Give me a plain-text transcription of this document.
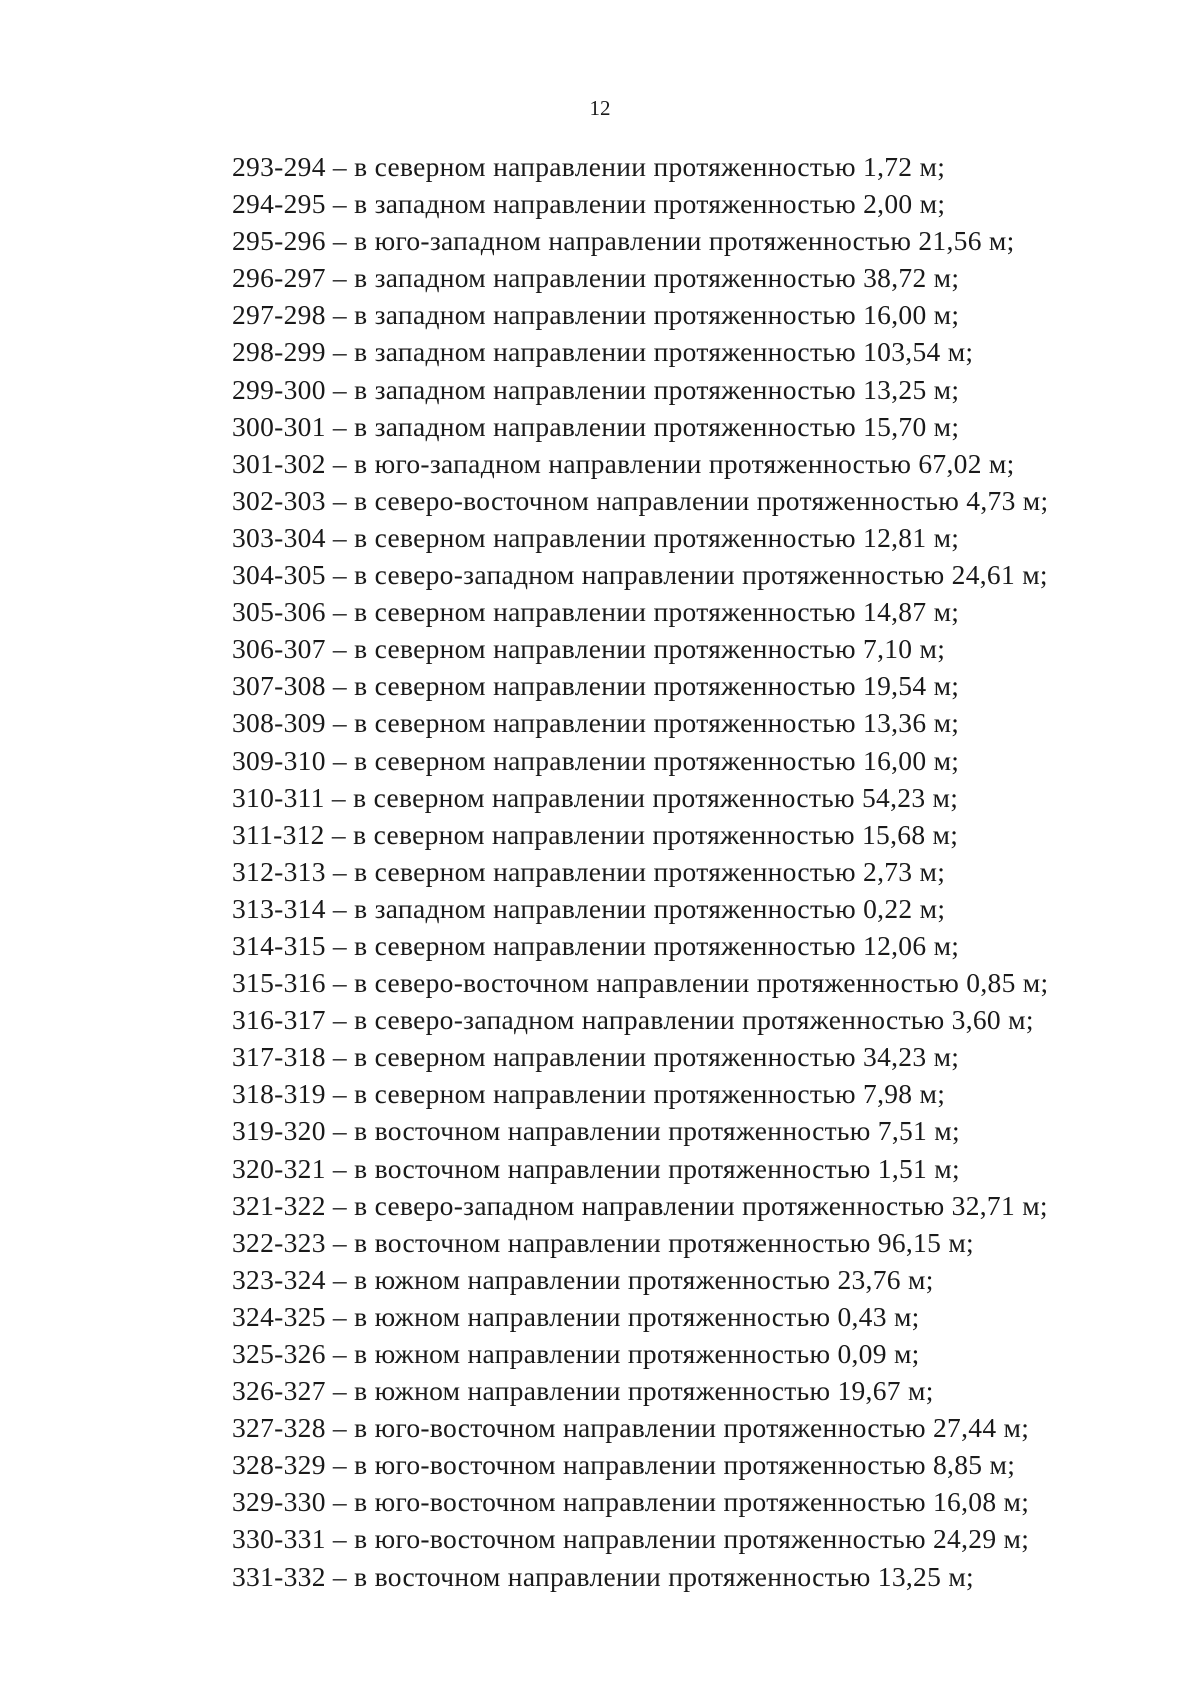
12
293-294 – в северном направлении протяженностью 1,72 м;
294-295 – в западном направлении протяженностью 2,00 м;
295-296 – в юго-западном направлении протяженностью 21,56 м;
296-297 – в западном направлении протяженностью 38,72 м;
297-298 – в западном направлении протяженностью 16,00 м;
298-299 – в западном направлении протяженностью 103,54 м;
299-300 – в западном направлении протяженностью 13,25 м;
300-301 – в западном направлении протяженностью 15,70 м;
301-302 – в юго-западном направлении протяженностью 67,02 м;
302-303 – в северо-восточном направлении протяженностью 4,73 м;
303-304 – в северном направлении протяженностью 12,81 м;
304-305 – в северо-западном направлении протяженностью 24,61 м;
305-306 – в северном направлении протяженностью 14,87 м;
306-307 – в северном направлении протяженностью 7,10 м;
307-308 – в северном направлении протяженностью 19,54 м;
308-309 – в северном направлении протяженностью 13,36 м;
309-310 – в северном направлении протяженностью 16,00 м;
310-311 – в северном направлении протяженностью 54,23 м;
311-312 – в северном направлении протяженностью 15,68 м;
312-313 – в северном направлении протяженностью 2,73 м;
313-314 – в западном направлении протяженностью 0,22 м;
314-315 – в северном направлении протяженностью 12,06 м;
315-316 – в северо-восточном направлении протяженностью 0,85 м;
316-317 – в северо-западном направлении протяженностью 3,60 м;
317-318 – в северном направлении протяженностью 34,23 м;
318-319 – в северном направлении протяженностью 7,98 м;
319-320 – в восточном направлении протяженностью 7,51 м;
320-321 – в восточном направлении протяженностью 1,51 м;
321-322 – в северо-западном направлении протяженностью 32,71 м;
322-323 – в восточном направлении протяженностью 96,15 м;
323-324 – в южном направлении протяженностью 23,76 м;
324-325 – в южном направлении протяженностью 0,43 м;
325-326 – в южном направлении протяженностью 0,09 м;
326-327 – в южном направлении протяженностью 19,67 м;
327-328 – в юго-восточном направлении протяженностью 27,44 м;
328-329 – в юго-восточном направлении протяженностью 8,85 м;
329-330 – в юго-восточном направлении протяженностью 16,08 м;
330-331 – в юго-восточном направлении протяженностью 24,29 м;
331-332 – в восточном направлении протяженностью 13,25 м;
